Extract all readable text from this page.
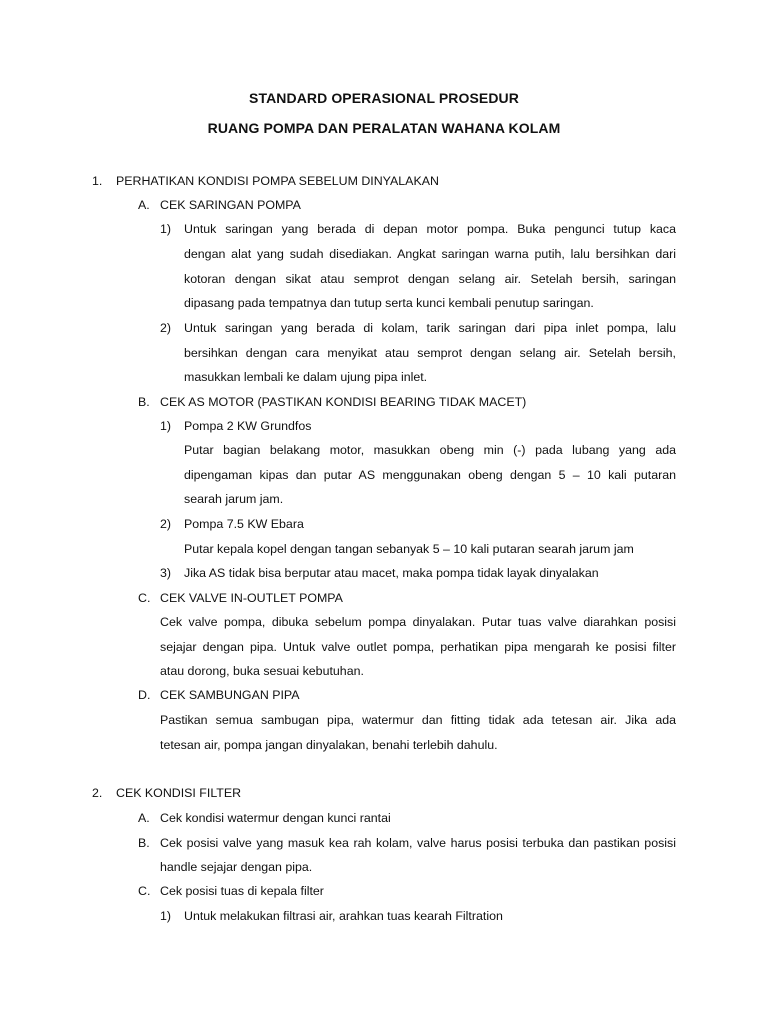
STANDARD OPERASIONAL PROSEDUR
RUANG POMPA DAN PERALATAN WAHANA KOLAM
1. PERHATIKAN KONDISI POMPA SEBELUM DINYALAKAN
A. CEK SARINGAN POMPA
1) Untuk saringan yang berada di depan motor pompa. Buka pengunci tutup kaca
dengan alat yang sudah disediakan. Angkat saringan warna putih, lalu bersihkan dari
kotoran dengan sikat atau semprot dengan selang air. Setelah bersih, saringan
dipasang pada tempatnya dan tutup serta kunci kembali penutup saringan.
2) Untuk saringan yang berada di kolam, tarik saringan dari pipa inlet pompa, lalu
bersihkan dengan cara menyikat atau semprot dengan selang air. Setelah bersih,
masukkan lembali ke dalam ujung pipa inlet.
B. CEK AS MOTOR (PASTIKAN KONDISI BEARING TIDAK MACET)
1) Pompa 2 KW Grundfos
Putar bagian belakang motor, masukkan obeng min (-) pada lubang yang ada
dipengaman kipas dan putar AS menggunakan obeng dengan 5 – 10 kali putaran
searah jarum jam.
2) Pompa 7.5 KW Ebara
Putar kepala kopel dengan tangan sebanyak 5 – 10 kali putaran searah jarum jam
3) Jika AS tidak bisa berputar atau macet, maka pompa tidak layak dinyalakan
C. CEK VALVE IN-OUTLET POMPA
Cek valve pompa, dibuka sebelum pompa dinyalakan. Putar tuas valve diarahkan posisi
sejajar dengan pipa. Untuk valve outlet pompa, perhatikan pipa mengarah ke posisi filter
atau dorong, buka sesuai kebutuhan.
D. CEK SAMBUNGAN PIPA
Pastikan semua sambugan pipa, watermur dan fitting tidak ada tetesan air. Jika ada
tetesan air, pompa jangan dinyalakan, benahi terlebih dahulu.
2. CEK KONDISI FILTER
A. Cek kondisi watermur dengan kunci rantai
B. Cek posisi valve yang masuk kea rah kolam, valve harus posisi terbuka dan pastikan posisi
handle sejajar dengan pipa.
C. Cek posisi tuas di kepala filter
1) Untuk melakukan filtrasi air, arahkan tuas kearah Filtration
